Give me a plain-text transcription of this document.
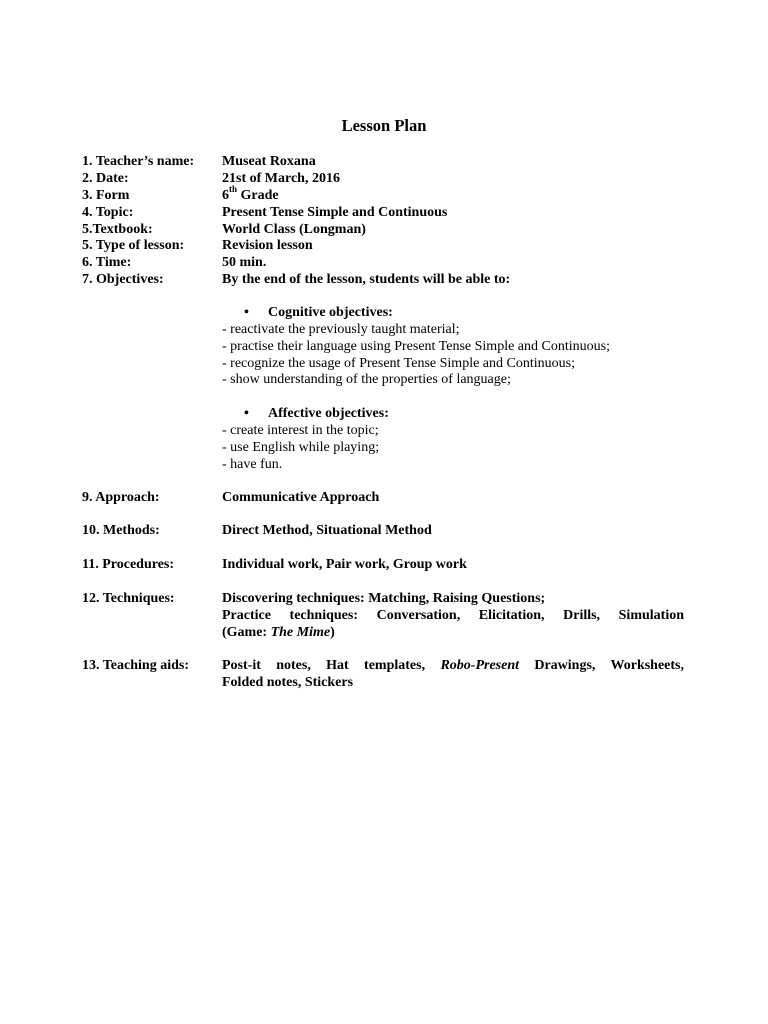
Lesson Plan
1. Teacher’s name:	Museat Roxana
2. Date:	21st of March, 2016
3. Form	6th Grade
4. Topic:	Present Tense Simple and Continuous
5.Textbook:	World Class (Longman)
5. Type of lesson:	Revision lesson
6. Time:	50 min.
7. Objectives:	By the end of the lesson, students will be able to:
• Cognitive objectives:
- reactivate the previously taught material;
- practise their language using Present Tense Simple and Continuous;
- recognize the usage of Present Tense Simple and Continuous;
- show understanding of the properties of language;
• Affective objectives:
- create interest in the topic;
- use English while playing;
- have fun.
9. Approach:	Communicative Approach
10. Methods:	Direct Method, Situational Method
11. Procedures:	Individual work, Pair work, Group work
12. Techniques:	Discovering techniques: Matching, Raising Questions;
Practice techniques: Conversation, Elicitation, Drills, Simulation
(Game: The Mime)
13. Teaching aids:	Post-it notes, Hat templates, Robo-Present Drawings, Worksheets,
Folded notes, Stickers
